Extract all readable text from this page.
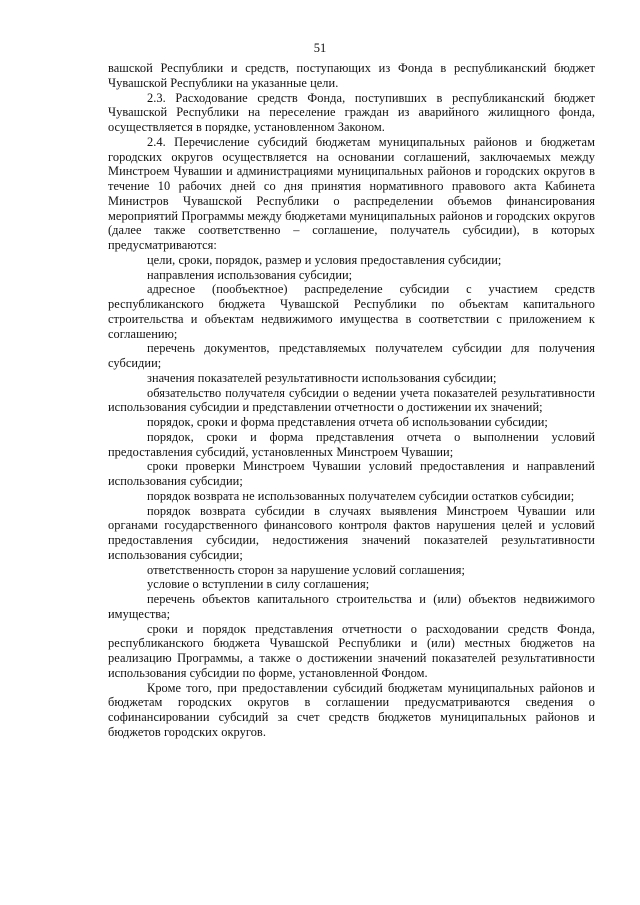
51

вашской Республики и средств, поступающих из Фонда в республиканский бюджет Чувашской Республики на указанные цели.

2.3. Расходование средств Фонда, поступивших в республиканский бюджет Чувашской Республики на переселение граждан из аварийного жилищного фонда, осуществляется в порядке, установленном Законом.

2.4. Перечисление субсидий бюджетам муниципальных районов и бюджетам городских округов осуществляется на основании соглашений, заключаемых между Минстроем Чувашии и администрациями муниципальных районов и городских округов в течение 10 рабочих дней со дня принятия нормативного правового акта Кабинета Министров Чувашской Республики о распределении объемов финансирования мероприятий Программы между бюджетами муниципальных районов и городских округов (далее также соответственно – соглашение, получатель субсидии), в которых предусматриваются:

цели, сроки, порядок, размер и условия предоставления субсидии;

направления использования субсидии;

адресное (пообъектное) распределение субсидии с участием средств республиканского бюджета Чувашской Республики по объектам капитального строительства и объектам недвижимого имущества в соответствии с приложением к соглашению;

перечень документов, представляемых получателем субсидии для получения субсидии;

значения показателей результативности использования субсидии;

обязательство получателя субсидии о ведении учета показателей результативности использования субсидии и представлении отчетности о достижении их значений;

порядок, сроки и форма представления отчета об использовании субсидии;

порядок, сроки и форма представления отчета о выполнении условий предоставления субсидий, установленных Минстроем Чувашии;

сроки проверки Минстроем Чувашии условий предоставления и направлений использования субсидии;

порядок возврата не использованных получателем субсидии остатков субсидии;

порядок возврата субсидии в случаях выявления Минстроем Чувашии или органами государственного финансового контроля фактов нарушения целей и условий предоставления субсидии, недостижения значений показателей результативности использования субсидии;

ответственность сторон за нарушение условий соглашения;

условие о вступлении в силу соглашения;

перечень объектов капитального строительства и (или) объектов недвижимого имущества;

сроки и порядок представления отчетности о расходовании средств Фонда, республиканского бюджета Чувашской Республики и (или) местных бюджетов на реализацию Программы, а также о достижении значений показателей результативности использования субсидии по форме, установленной Фондом.

Кроме того, при предоставлении субсидий бюджетам муниципальных районов и бюджетам городских округов в соглашении предусматриваются сведения о софинансировании субсидий за счет средств бюджетов муниципальных районов и бюджетов городских округов.
